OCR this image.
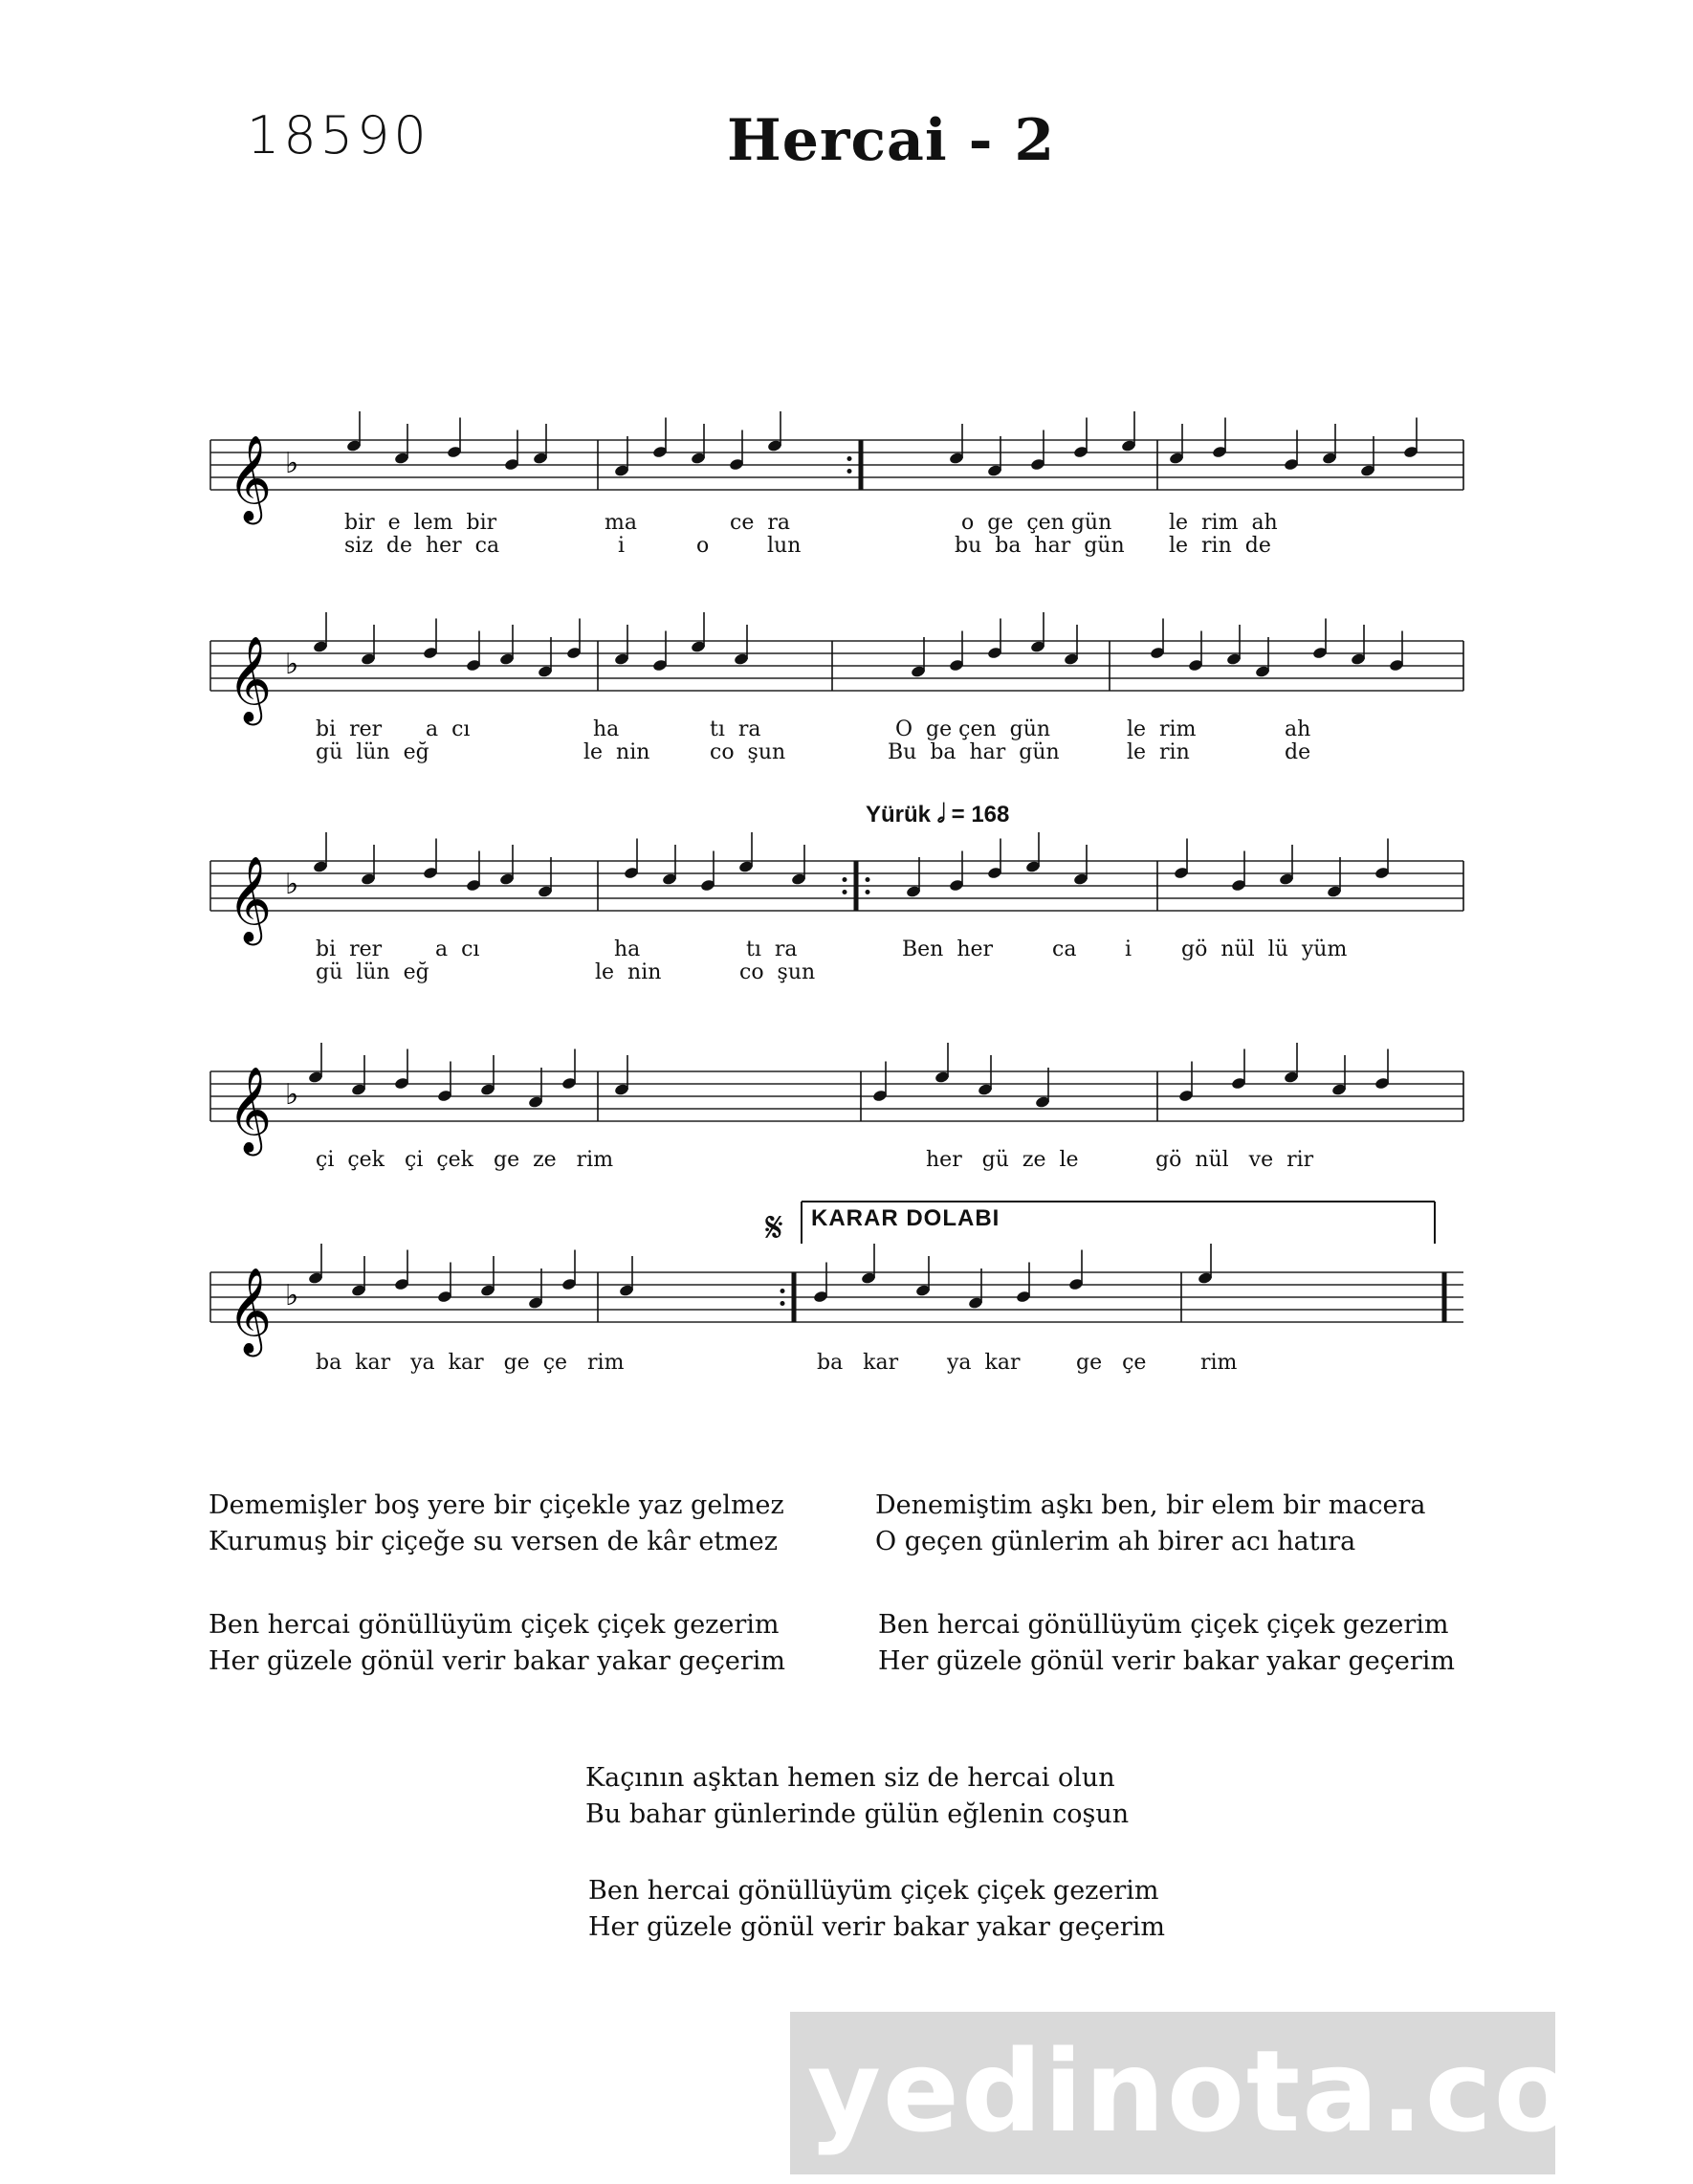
18590	Hercai - 2
𝄞 ♭
bir  e  lem  bir	ma	ce  ra	o  ge  çen gün	le  rim  ah
siz  de  her  ca	i	o	lun	bu  ba  har  gün le  rin  de
𝄞 ♭
bi  rer a  cı	ha	tı  ra	O  ge çen  gün	le  rim	ah
gü  lün  eğ	le  nin	co  şun	Bu  ba  har  gün	le  rin	de
Yürük 𝅗𝅥 = 168
𝄞 ♭
bi  rer	a  cı	ha	tı  ra	Ben  her	ca i gö  nül  lü  yüm
gü  lün  eğ	le  nin	co  şun
𝄞 ♭
çi  çek   çi  çek   ge  ze   rim	her   gü  ze  le	gö  nül   ve  rir
KARAR DOLABI
𝄋
𝄞 ♭
ba  kar   ya  kar   ge  çe   rim	ba   kar ya  kar	ge   çe	rim
Dememişler boş yere bir çiçekle yaz gelmez
Kurumuş bir çiçeğe su versen de kâr etmez
Denemiştim aşkı ben, bir elem bir macera
O geçen günlerim ah birer acı hatıra
Ben hercai gönüllüyüm çiçek çiçek gezerim
Her güzele gönül verir bakar yakar geçerim
Ben hercai gönüllüyüm çiçek çiçek gezerim
Her güzele gönül verir bakar yakar geçerim
Kaçının aşktan hemen siz de hercai olun
Bu bahar günlerinde gülün eğlenin coşun
Ben hercai gönüllüyüm çiçek çiçek gezerim
Her güzele gönül verir bakar yakar geçerim
yedinota.com
